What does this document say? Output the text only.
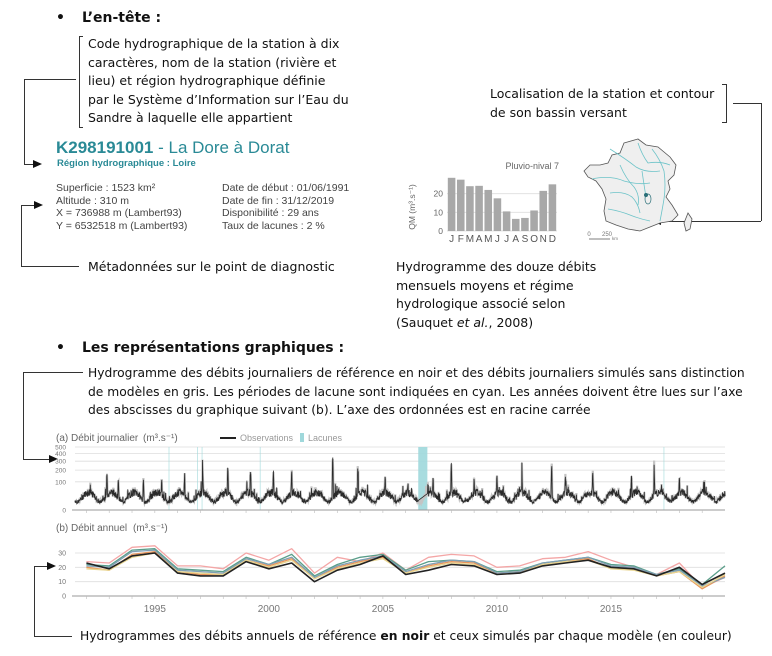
• L’en-tête :
Code hydrographique de la station à dix
caractères, nom de la station (rivière et
lieu) et région hydrographique définie
par le Système d’Information sur l’Eau du
Sandre à laquelle elle appartient
K298191001 - La Dore à Dorat
Région hydrographique : Loire
Superficie : 1523 km²
Altitude : 310 m
X = 736988 m (Lambert93)
Y = 6532518 m (Lambert93)
Date de début : 01/06/1991
Date de fin : 31/12/2019
Disponibilité : 29 ans
Taux de lacunes : 2 %
Métadonnées sur le point de diagnostic
Pluvio-nival 7
QM (m³.s⁻¹)
J F M A M J J A S O N D
0
10
20
Hydrogramme des douze débits
mensuels moyens et régime
hydrologique associé selon
(Sauquet et al., 2008)
Localisation de la station et contour
de son bassin versant
0 250
km
• Les représentations graphiques :
Hydrogramme des débits journaliers de référence en noir et des débits journaliers simulés sans distinction
de modèles en gris. Les périodes de lacune sont indiquées en cyan. Les années doivent être lues sur l’axe
des abscisses du graphique suivant (b). L’axe des ordonnées est en racine carrée
(a) Débit journalier (m³.s⁻¹)	Observations Lacunes
0
100
200
300
400
500
(b) Débit annuel (m³.s⁻¹)
0
10
20
30
1995	2000	2005	2010	2015
Hydrogrammes des débits annuels de référence en noir et ceux simulés par chaque modèle (en couleur)
